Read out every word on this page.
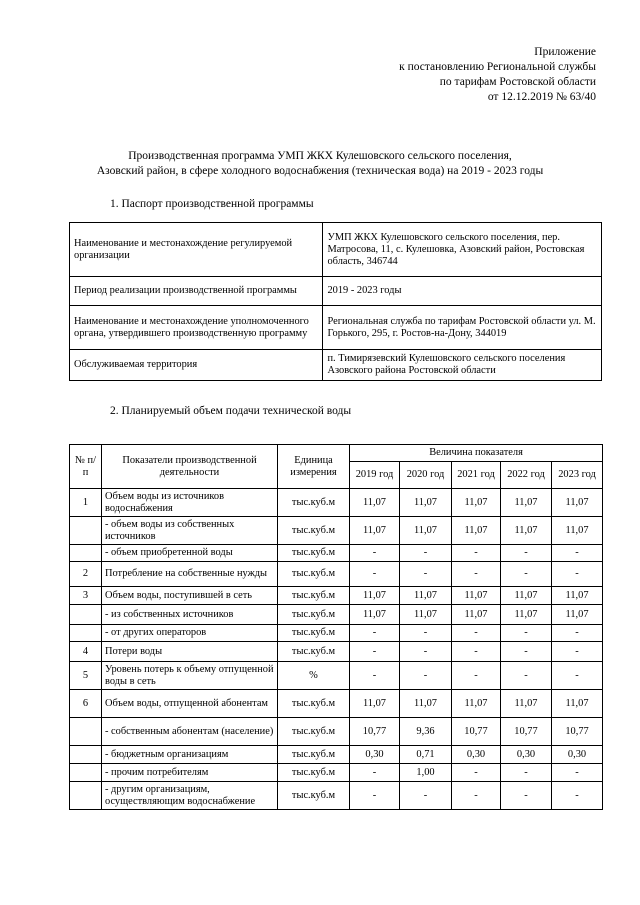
Приложение
к постановлению Региональной службы
по тарифам Ростовской области
от 12.12.2019 № 63/40
Производственная программа УМП ЖКХ Кулешовского сельского поселения,
Азовский район, в сфере холодного водоснабжения (техническая вода) на 2019 - 2023 годы
1. Паспорт производственной программы
Наименование и местонахождение регулируемой организации	УМП ЖКХ Кулешовского сельского поселения, пер. Матросова, 11, с. Кулешовка, Азовский район, Ростовская область, 346744
Период реализации производственной программы	2019 - 2023 годы
Наименование и местонахождение уполномоченного органа, утвердившего производственную программу	Региональная служба по тарифам Ростовской области ул. М. Горького, 295, г. Ростов-на-Дону, 344019
Обслуживаемая территория	п. Тимирязевский Кулешовского сельского поселения Азовского района Ростовской области
2. Планируемый объем подачи технической воды
№ п/п	Показатели производственной деятельности	Единица измерения	Величина показателя				
			2019 год	2020 год	2021 год	2022 год	2023 год
1	Объем воды из источников водоснабжения	тыс.куб.м	11,07	11,07	11,07	11,07	11,07
	- объем воды из собственных источников	тыс.куб.м	11,07	11,07	11,07	11,07	11,07
	- объем приобретенной воды	тыс.куб.м	-	-	-	-	-
2	Потребление на собственные нужды	тыс.куб.м	-	-	-	-	-
3	Объем воды, поступившей в сеть	тыс.куб.м	11,07	11,07	11,07	11,07	11,07
	- из собственных источников	тыс.куб.м	11,07	11,07	11,07	11,07	11,07
	- от других операторов	тыс.куб.м	-	-	-	-	-
4	Потери воды	тыс.куб.м	-	-	-	-	-
5	Уровень потерь к объему отпущенной воды в сеть	%	-	-	-	-	-
6	Объем воды, отпущенной абонентам	тыс.куб.м	11,07	11,07	11,07	11,07	11,07
	- собственным абонентам (население)	тыс.куб.м	10,77	9,36	10,77	10,77	10,77
	- бюджетным организациям	тыс.куб.м	0,30	0,71	0,30	0,30	0,30
	- прочим потребителям	тыс.куб.м	-	1,00	-	-	-
	- другим организациям, осуществляющим водоснабжение	тыс.куб.м	-	-	-	-	-
